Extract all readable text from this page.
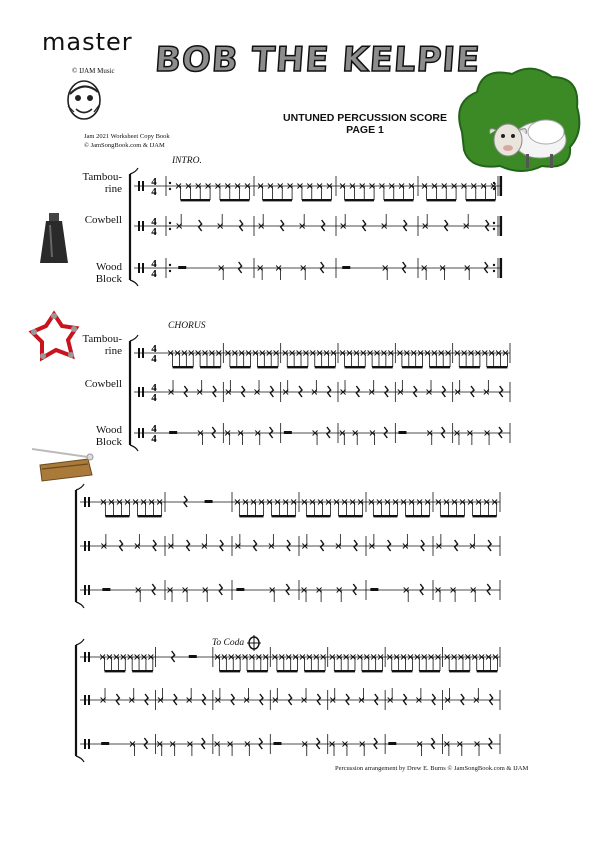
master
© IJAM Music
Jam 2021 Worksheet Copy Book
© JamSongBook.com & IJAM
BOB THE KELPIE
UNTUNED PERCUSSION SCORE
PAGE 1
Tambou-
rine
Cowbell
Wood
Block
Tambou-
rine
Cowbell
Wood
Block
INTRO.
CHORUS
To Coda
4
4
4
4
4
4
4
4
4
4
4
4
Percussion arrangement by Drew E. Burns © JamSongBook.com & IJAM
